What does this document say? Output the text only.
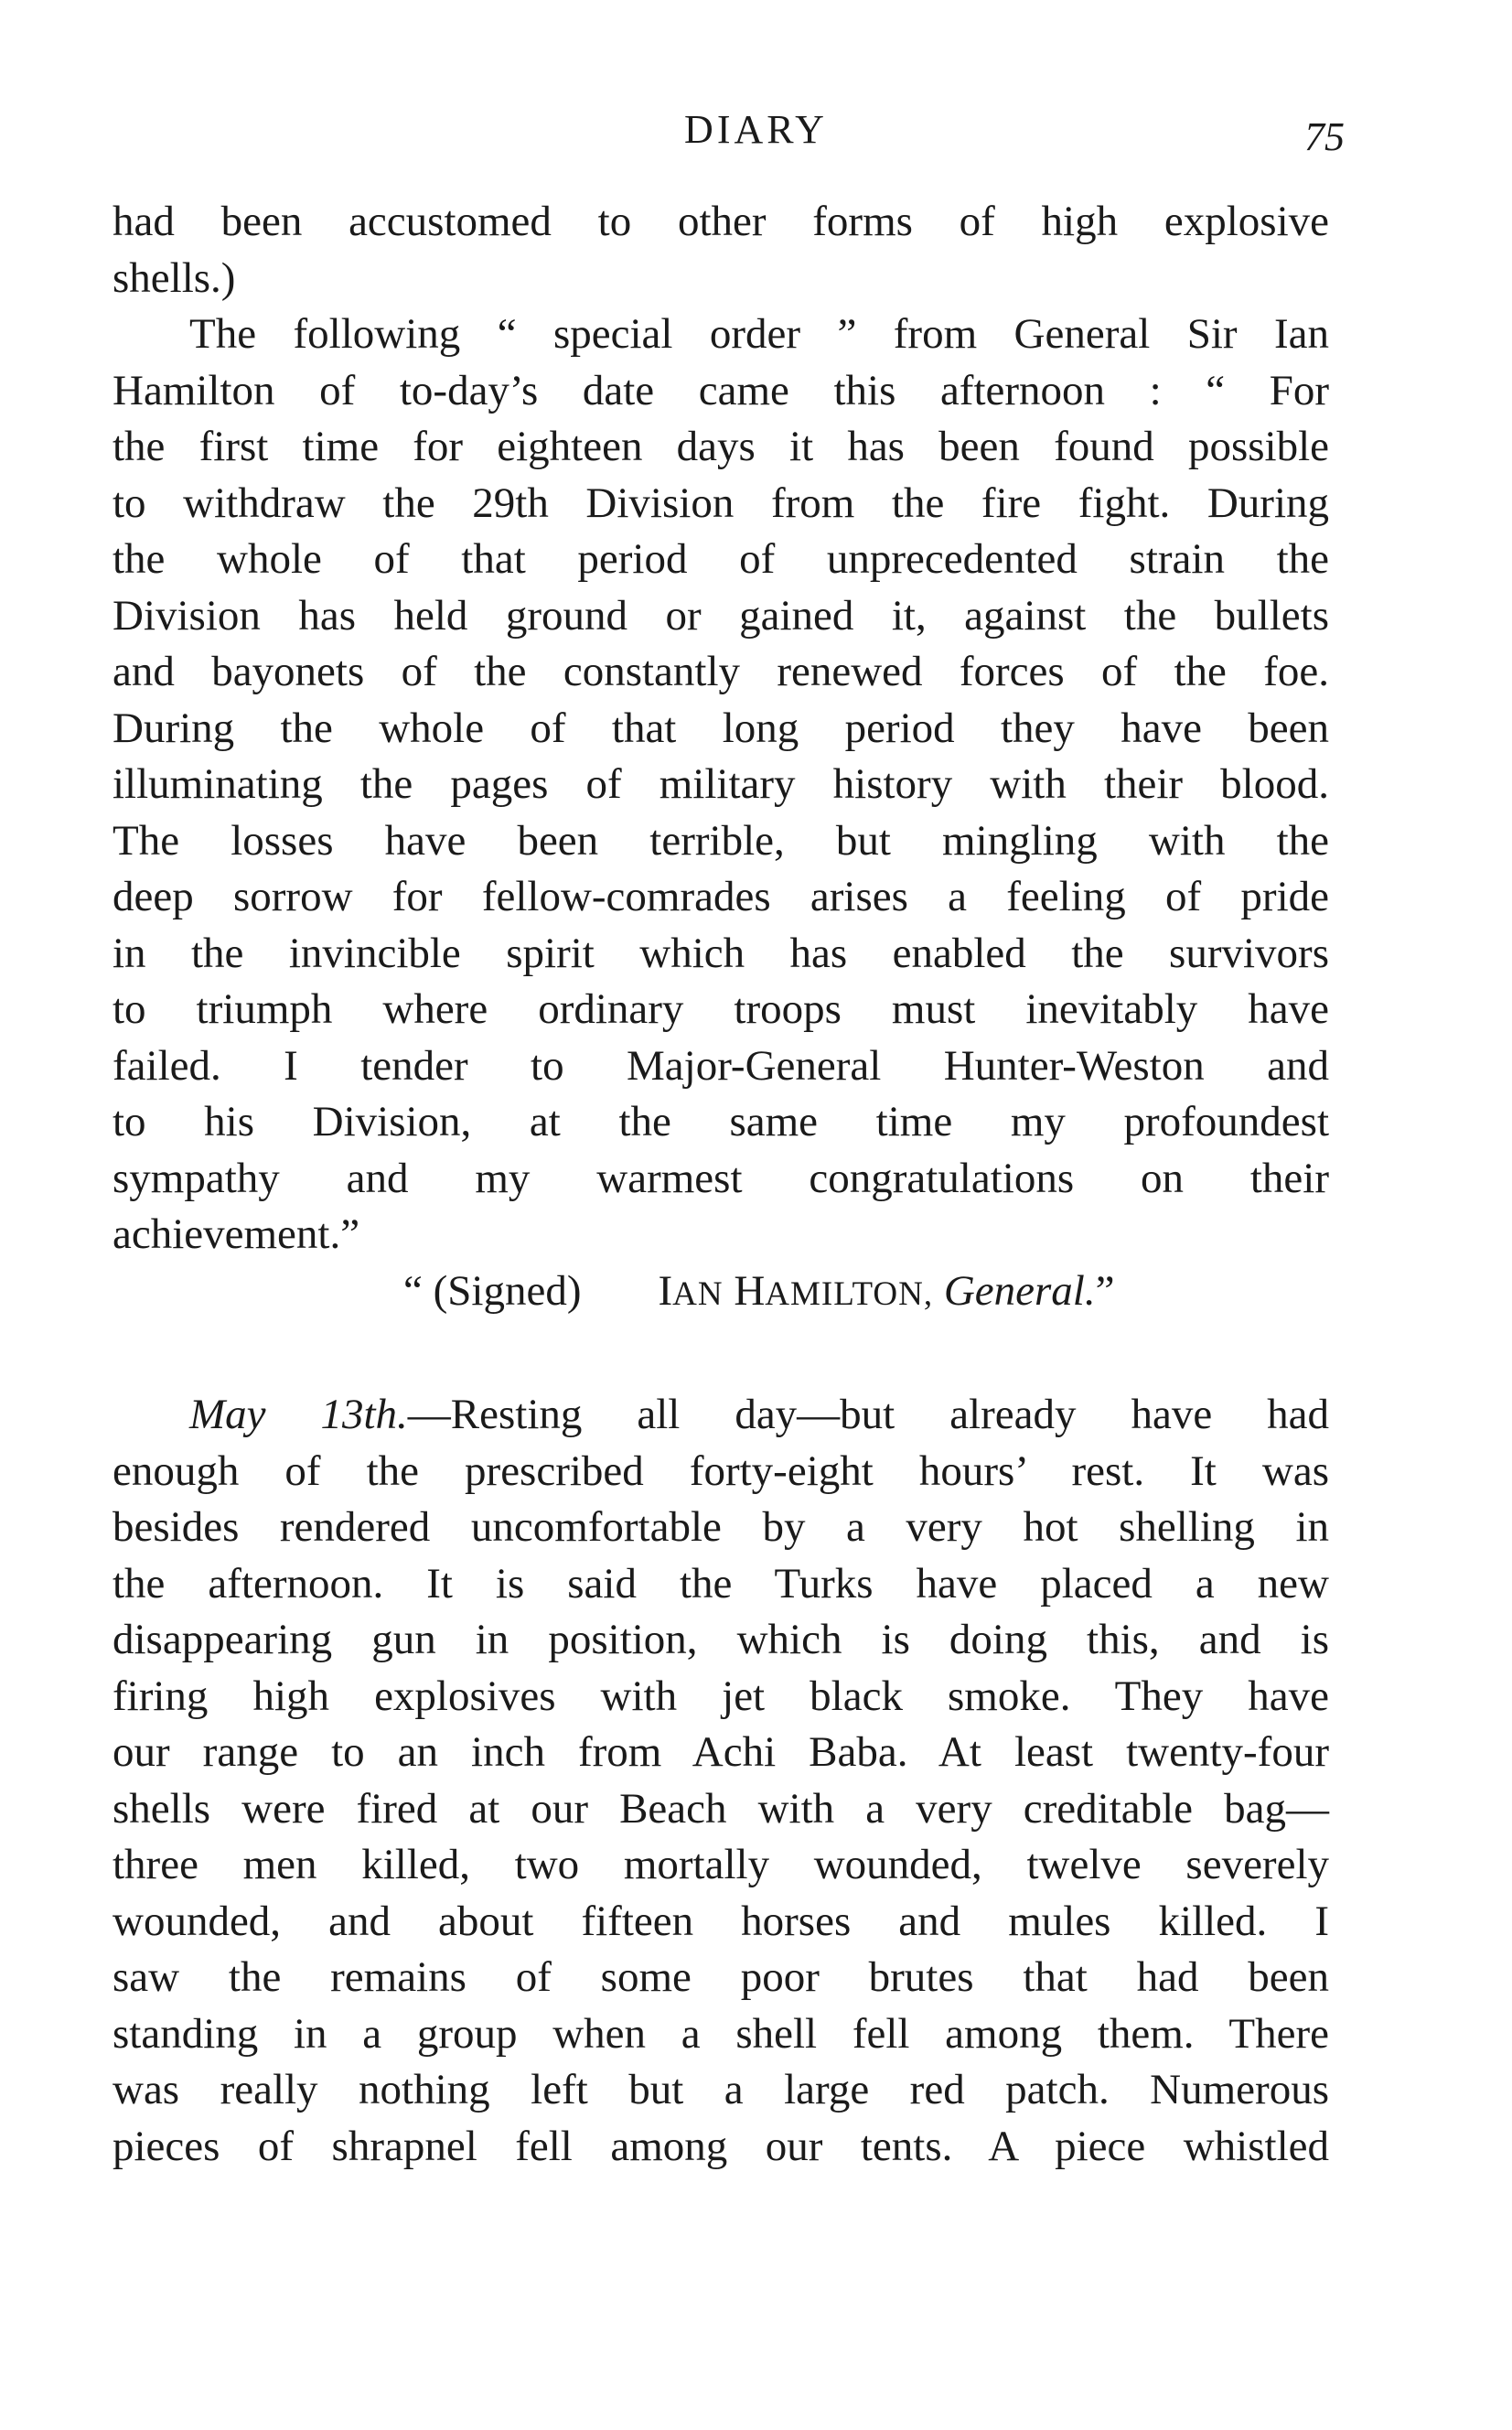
DIARY	75
had been accustomed to other forms of high explosive
shells.)
The following “ special order ” from General Sir Ian
Hamilton of to-day’s date came this afternoon : “ For
the first time for eighteen days it has been found possible
to withdraw the 29th Division from the fire fight. During
the whole of that period of unprecedented strain the
Division has held ground or gained it, against the bullets
and bayonets of the constantly renewed forces of the foe.
During the whole of that long period they have been
illuminating the pages of military history with their blood.
The losses have been terrible, but mingling with the
deep sorrow for fellow-comrades arises a feeling of pride
in the invincible spirit which has enabled the survivors
to triumph where ordinary troops must inevitably have
failed. I tender to Major-General Hunter-Weston and
to his Division, at the same time my profoundest
sympathy and my warmest congratulations on their
achievement.”
“ (Signed) IAN HAMILTON, General.”
May 13th.—Resting all day—but already have had
enough of the prescribed forty-eight hours’ rest. It was
besides rendered uncomfortable by a very hot shelling in
the afternoon. It is said the Turks have placed a new
disappearing gun in position, which is doing this, and is
firing high explosives with jet black smoke. They have
our range to an inch from Achi Baba. At least twenty-four
shells were fired at our Beach with a very creditable bag—
three men killed, two mortally wounded, twelve severely
wounded, and about fifteen horses and mules killed. I
saw the remains of some poor brutes that had been
standing in a group when a shell fell among them. There
was really nothing left but a large red patch. Numerous
pieces of shrapnel fell among our tents. A piece whistled
